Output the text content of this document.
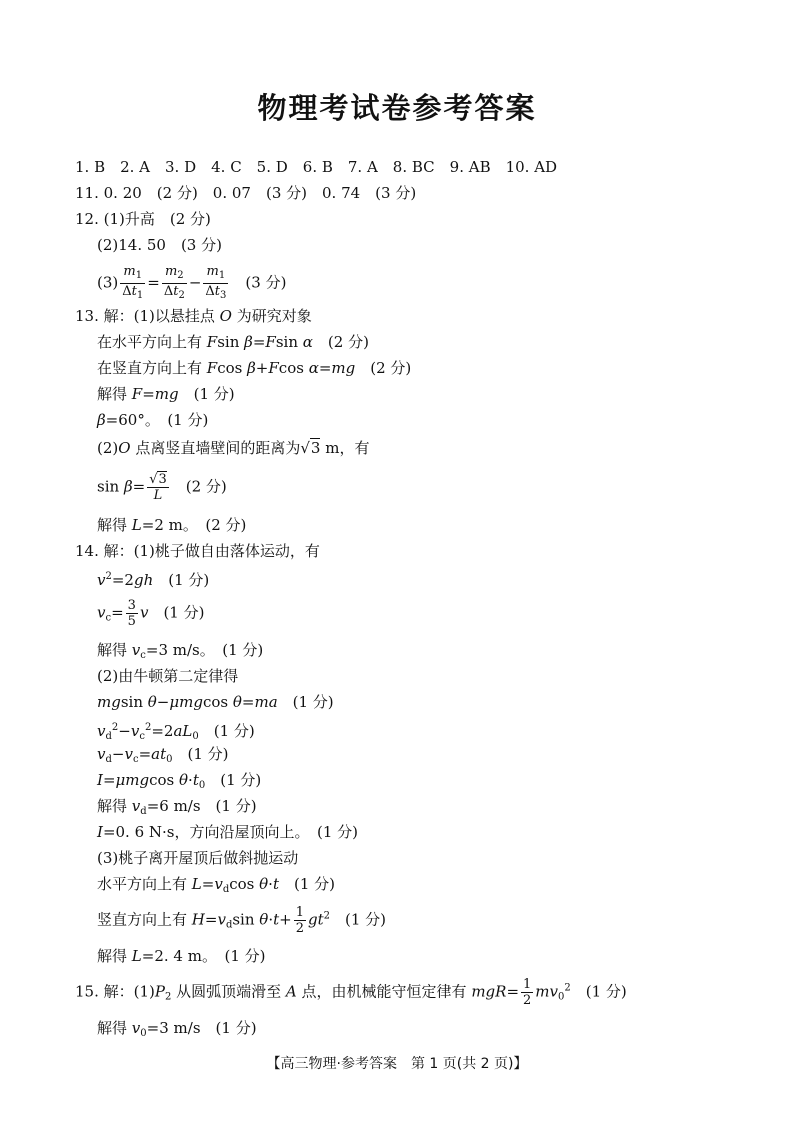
物理考试卷参考答案
1. B　2. A　3. D　4. C　5. D　6. B　7. A　8. BC　9. AB　10. AD
11. 0. 20　(2 分)　0. 07　(3 分)　0. 74　(3 分)
12. (1)升高　(2 分)
(2)14. 50　(3 分)
$(3) \frac{m_1}{\Delta t_1} = \frac{m_2}{\Delta t_2} - \frac{m_1}{\Delta t_3}$ 　(3 分)
13. 解：(1)以悬挂点 O 为研究对象
在水平方向上有 Fsin β=Fsin α　(2 分)
在竖直方向上有 Fcos β+Fcos α=mg　(2 分)
解得 F=mg　(1 分)
β=60°。　(1 分)
(2)O 点离竖直墙壁间的距离为√3 m，有
$\sin \beta= \frac{√3}{L}$ 　(2 分)
解得 L=2 m。　(2 分)
14. 解：(1)桃子做自由落体运动，有
$v^2=2gh$　(1 分)
$v_c= \frac{3}{5}$ v　(1 分)
解得 $v_c=3$ m/s。　(1 分)
(2)由牛顿第二定律得
mgsin θ−μmgcos θ=ma　(1 分)
$v_d^2-v_c^2=2aL_0$　(1 分)
$v_d-v_c=at_0$　(1 分)
I=μmgcos $\theta\cdot t_0$　(1 分)
解得 $v_d=6$ m/s　(1 分)
I=0. 6 N·s，方向沿屋顶向上。　(1 分)
(3)桃子离开屋顶后做斜抛运动
水平方向上有 $L=v_d\cos$ θ·t　(1 分)
竖直方向上有 $H=v_d\sin$ $\theta\cdot t+ \frac{1}{2} gt^2$　(1 分)
解得 L=2. 4 m。　(1 分)
15. 解：$(1)P_2$ 从圆弧顶端滑至 A 点，由机械能守恒定律有 $mgR= \frac{1}{2} mv_0^2$　(1 分)
解得 $v_0=3$ m/s　(1 分)
【高三物理·参考答案　第 1 页(共 2 页)】
